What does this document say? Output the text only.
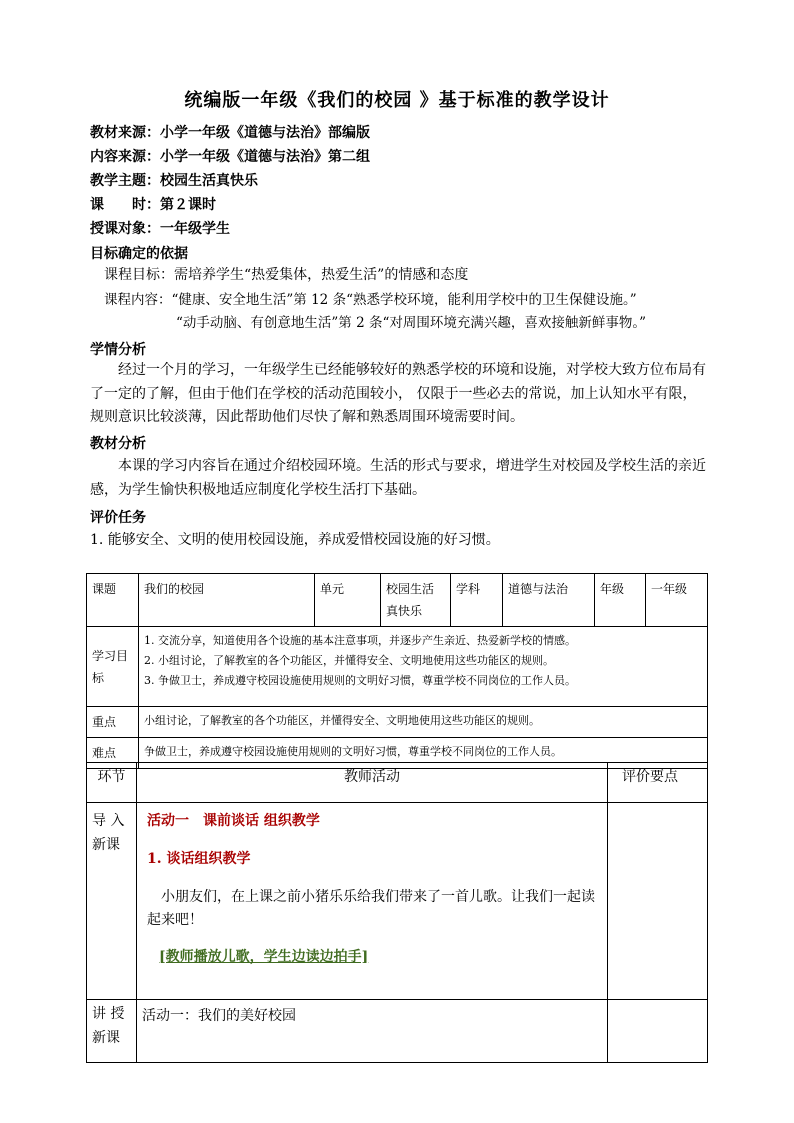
统编版一年级《我们的校园 》基于标准的教学设计
教材来源：小学一年级《道德与法治》部编版
内容来源：小学一年级《道德与法治》第二组
教学主题：校园生活真快乐
课　　时：第２课时
授课对象：一年级学生
目标确定的依据
课程目标：需培养学生“热爱集体，热爱生活”的情感和态度
课程内容：“健康、安全地生活”第 12 条“熟悉学校环境，能利用学校中的卫生保健设施。”
“动手动脑、有创意地生活”第 2 条“对周围环境充满兴趣，喜欢接触新鲜事物。”
学情分析
经过一个月的学习，一年级学生已经能够较好的熟悉学校的环境和设施，对学校大致方位布局有了一定的了解，但由于他们在学校的活动范围较小， 仅限于一些必去的常说，加上认知水平有限，规则意识比较淡薄，因此帮助他们尽快了解和熟悉周围环境需要时间。
教材分析
本课的学习内容旨在通过介绍校园环境。生活的形式与要求，增进学生对校园及学校生活的亲近感，为学生愉快积极地适应制度化学校生活打下基础。
评价任务
1. 能够安全、文明的使用校园设施，养成爱惜校园设施的好习惯。
课题	我们的校园	单元	校园生活真快乐	学科	道德与法治	年级	一年级
学习目标	1. 交流分享，知道使用各个设施的基本注意事项，并逐步产生亲近、热爱新学校的情感。
2. 小组讨论，了解教室的各个功能区，并懂得安全、文明地使用这些功能区的规则。
3. 争做卫士，养成遵守校园设施使用规则的文明好习惯，尊重学校不同岗位的工作人员。						

重点	小组讨论，了解教室的各个功能区，并懂得安全、文明地使用这些功能区的规则。						
难点	争做卫士，养成遵守校园设施使用规则的文明好习惯，尊重学校不同岗位的工作人员。						
环节	教师活动	评价要点
导 入新课	活动一　课前谈话 组织教学
1. 谈话组织教学
小朋友们，在上课之前小猪乐乐给我们带来了一首儿歌。让我们一起读起来吧！
[教师播放儿歌，学生边读边拍手]	

讲 授新课	活动一：我们的美好校园	
